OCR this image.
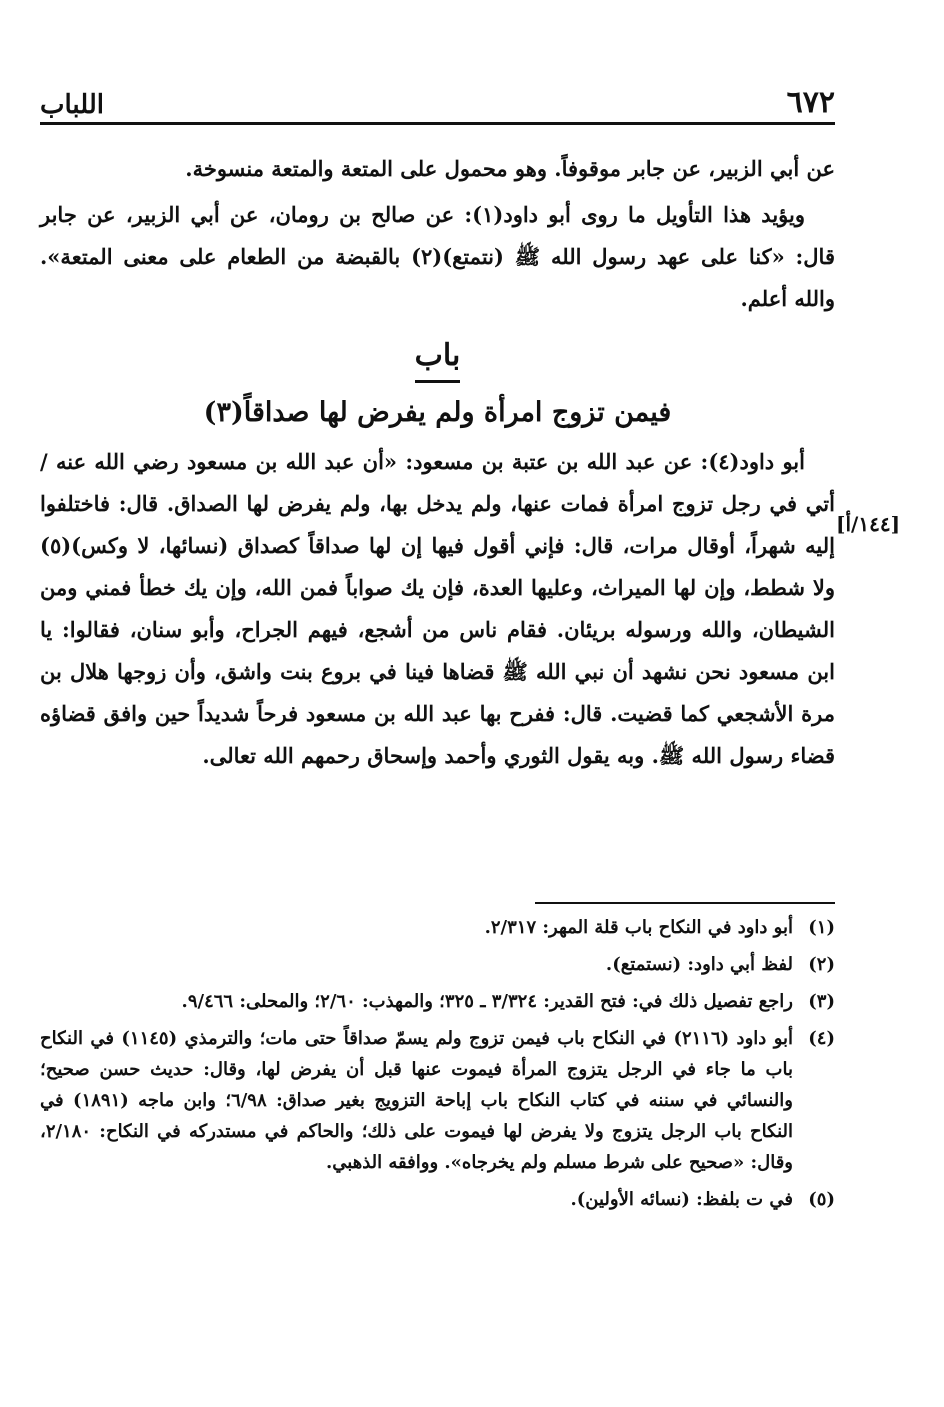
٦٧٢
اللباب

عن أبي الزبير، عن جابر موقوفاً. وهو محمول على المتعة والمتعة منسوخة.

ويؤيد هذا التأويل ما روى أبو داود(١): عن صالح بن رومان، عن أبي الزبير، عن جابر قال: «كنا على عهد رسول الله ﷺ (نتمتع)(٢) بالقبضة من الطعام على معنى المتعة». والله أعلم.

باب
فيمن تزوج امرأة ولم يفرض لها صداقاً(٣)

أبو داود(٤): عن عبد الله بن عتبة بن مسعود: «أن عبد الله بن مسعود رضي الله عنه / أتي في رجل تزوج امرأة فمات عنها، ولم يدخل بها، ولم يفرض لها الصداق. قال: فاختلفوا إليه شهراً، أوقال مرات، قال: فإني أقول فيها إن لها صداقاً كصداق (نسائها، لا وكس)(٥) ولا شطط، وإن لها الميراث، وعليها العدة، فإن يك صواباً فمن الله، وإن يك خطأ فمني ومن الشيطان، والله ورسوله بريئان. فقام ناس من أشجع، فيهم الجراح، وأبو سنان، فقالوا: يا ابن مسعود نحن نشهد أن نبي الله ﷺ قضاها فينا في بروع بنت واشق، وأن زوجها هلال بن مرة الأشجعي كما قضيت. قال: ففرح بها عبد الله بن مسعود فرحاً شديداً حين وافق قضاؤه قضاء رسول الله ﷺ. وبه يقول الثوري وأحمد وإسحاق رحمهم الله تعالى.

[١٤٤/أ]
(١)
أبو داود في النكاح باب قلة المهر: ٢/٣١٧.
(٢)
لفظ أبي داود: (نستمتع).
(٣)
راجع تفصيل ذلك في: فتح القدير: ٣/٣٢٤ ـ ٣٢٥؛ والمهذب: ٢/٦٠؛ والمحلى: ٩/٤٦٦.
(٤)
أبو داود (٢١١٦) في النكاح باب فيمن تزوج ولم يسمّ صداقاً حتى مات؛ والترمذي (١١٤٥) في النكاح باب ما جاء في الرجل يتزوج المرأة فيموت عنها قبل أن يفرض لها، وقال: حديث حسن صحيح؛ والنسائي في سننه في كتاب النكاح باب إباحة التزويج بغير صداق: ٦/٩٨؛ وابن ماجه (١٨٩١) في النكاح باب الرجل يتزوج ولا يفرض لها فيموت على ذلك؛ والحاكم في مستدركه في النكاح: ٢/١٨٠، وقال: «صحيح على شرط مسلم ولم يخرجاه». ووافقه الذهبي.
(٥)
في ت بلفظ: (نسائه الأولين).
